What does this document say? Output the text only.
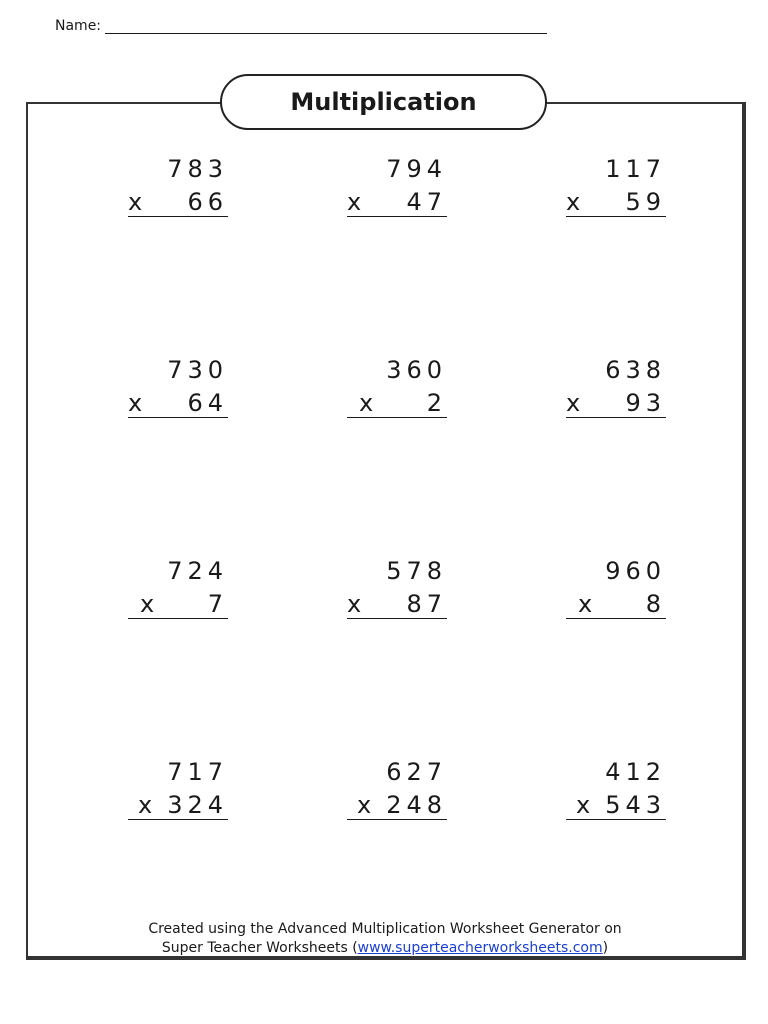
Name:
Multiplication
783
x 66
794
x 47
117
x 59
730
x 64
360
x 2
638
x 93
724
x 7
578
x 87
960
x 8
717
x 324
627
x 248
412
x 543
Created using the Advanced Multiplication Worksheet Generator on
Super Teacher Worksheets (www.superteacherworksheets.com)
